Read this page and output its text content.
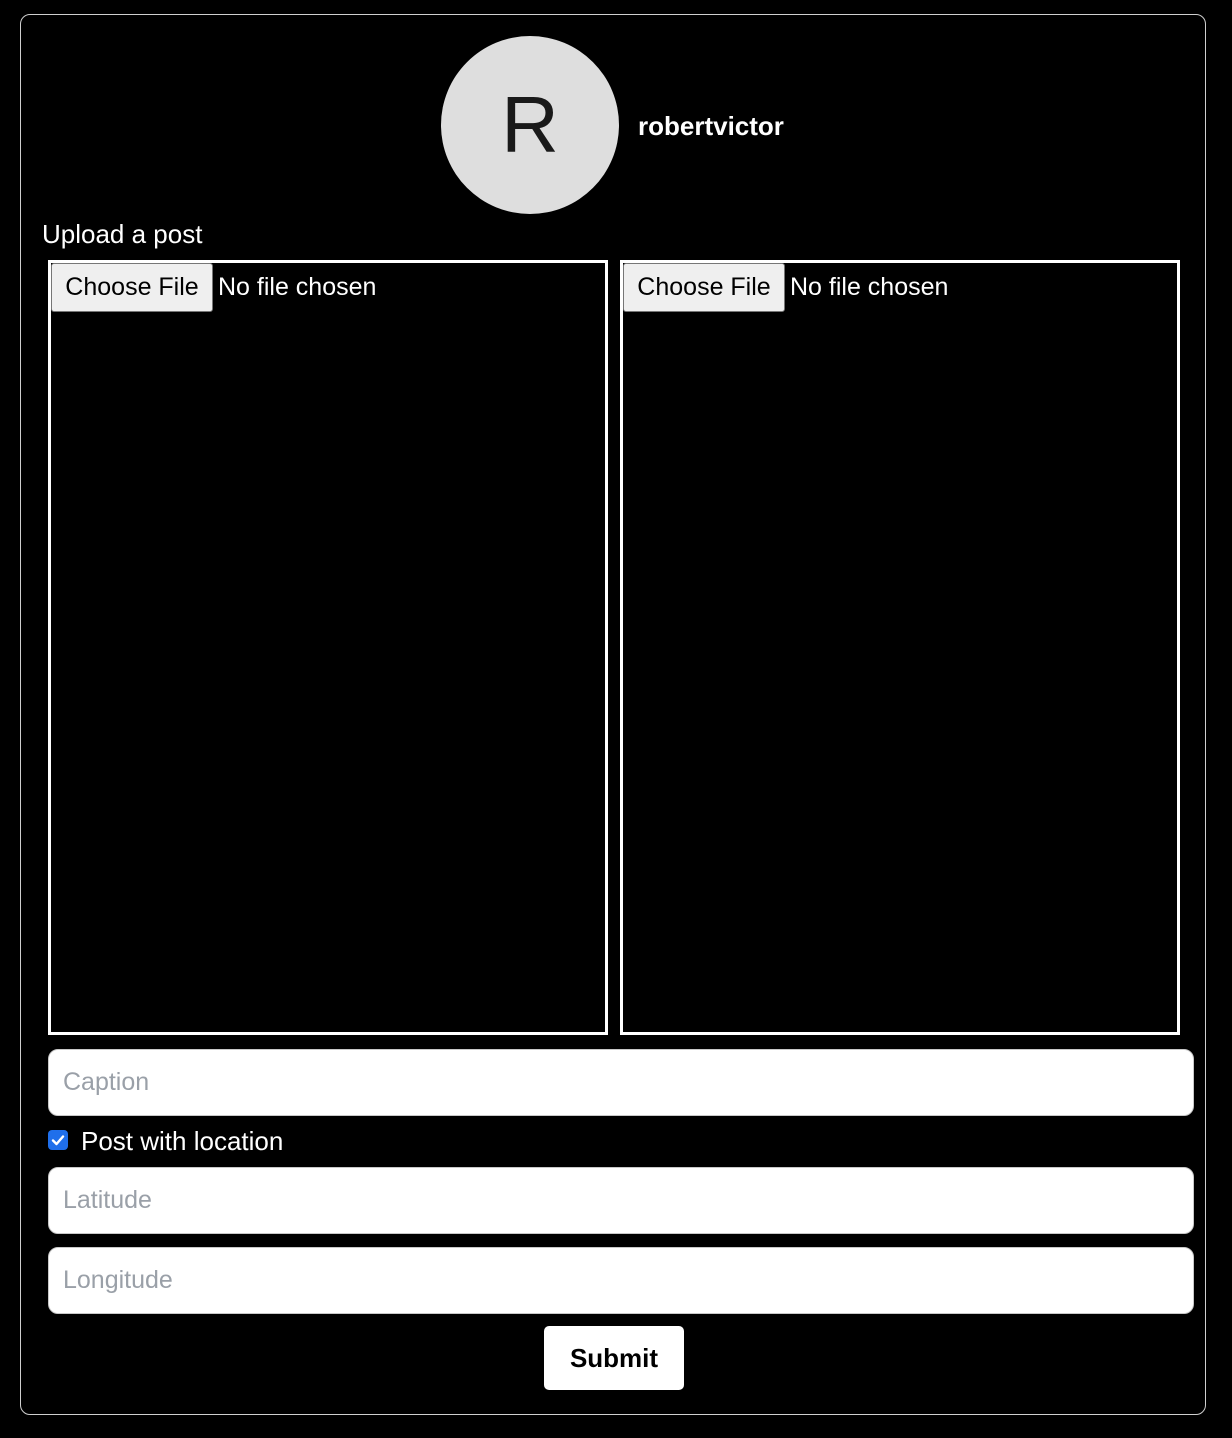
R	robertvictor
Upload a post
Choose File No file chosen	Choose File No file chosen
Caption
Post with location
Latitude
Longitude
Submit
